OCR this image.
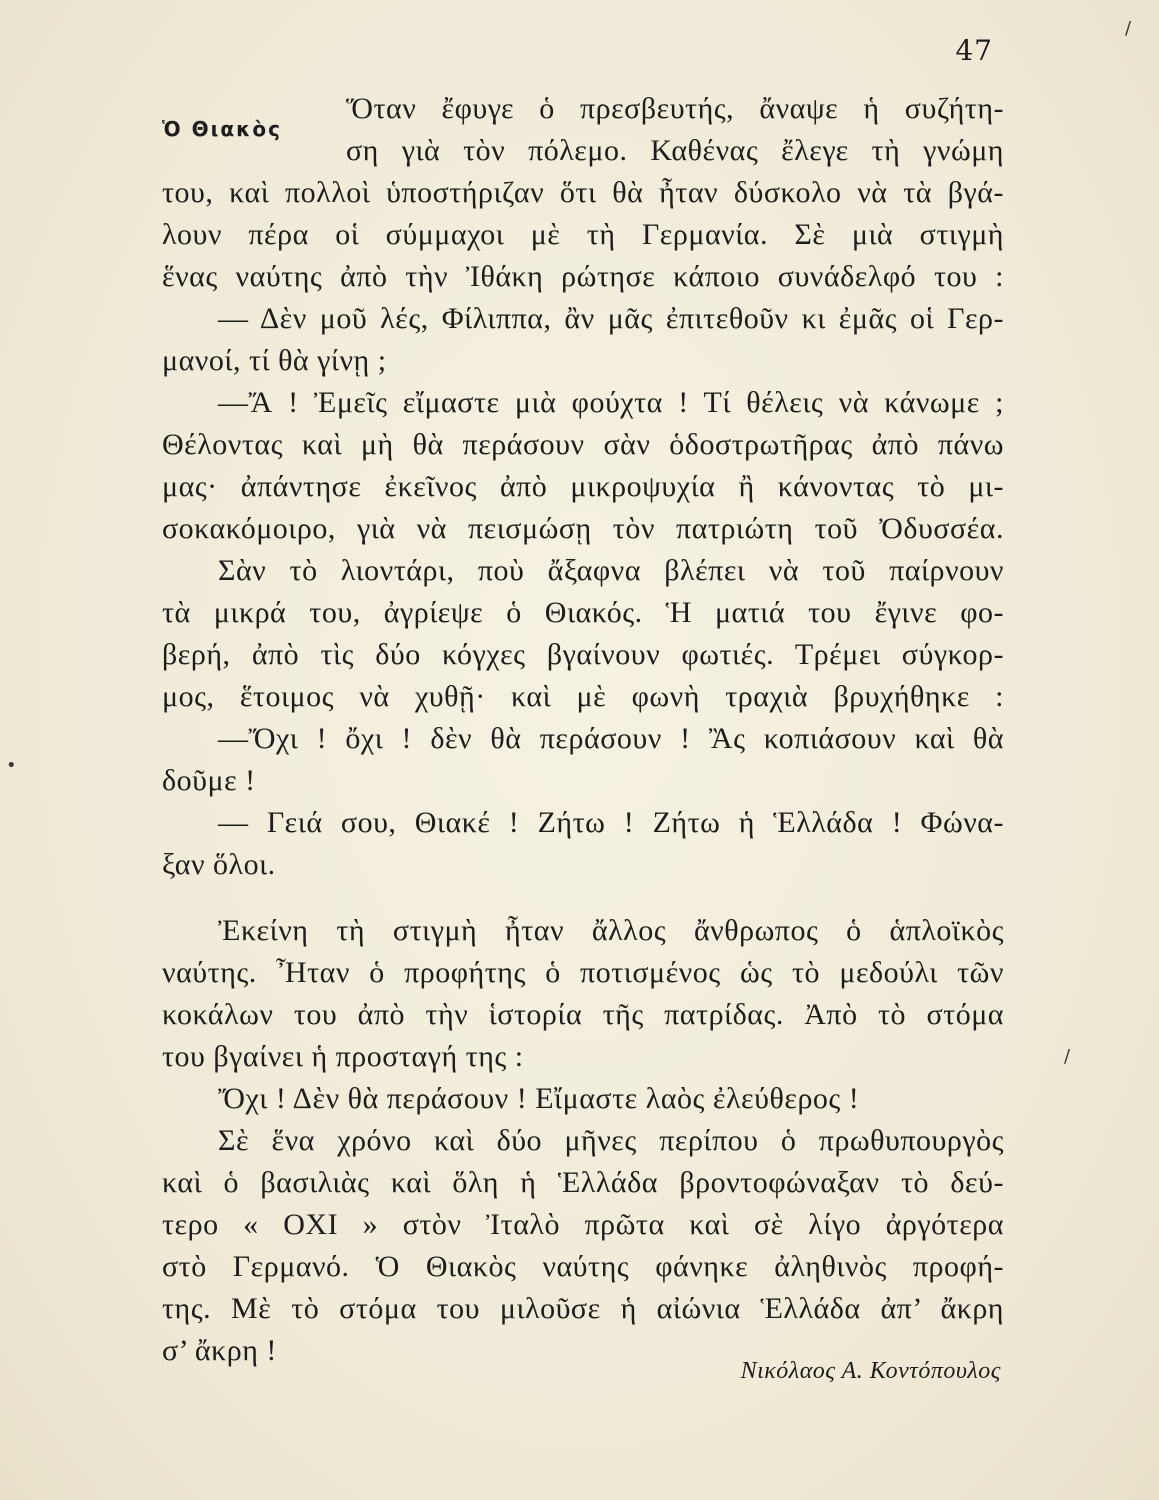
47
Ὁ Θιακὸς
Ὅταν ἔφυγε ὁ πρεσβευτής, ἄναψε ἡ συζήτη-
ση γιὰ τὸν πόλεμο. Καθένας ἔλεγε τὴ γνώμη
του, καὶ πολλοὶ ὑποστήριζαν ὅτι θὰ ἦταν δύσκολο νὰ τὰ βγά-
λουν πέρα οἱ σύμμαχοι μὲ τὴ Γερμανία. Σὲ μιὰ στιγμὴ
ἕνας ναύτης ἀπὸ τὴν Ἰθάκη ρώτησε κάποιο συνάδελφό του :
— Δὲν μοῦ λές, Φίλιππα, ἂν μᾶς ἐπιτεθοῦν κι ἐμᾶς οἱ Γερ-
μανοί, τί θὰ γίνῃ ;
—Ἄ ! Ἐμεῖς εἴμαστε μιὰ φούχτα ! Τί θέλεις νὰ κάνωμε ;
Θέλοντας καὶ μὴ θὰ περάσουν σὰν ὁδοστρωτῆρας ἀπὸ πάνω
μας· ἀπάντησε ἐκεῖνος ἀπὸ μικροψυχία ἢ κάνοντας τὸ μι-
σοκακόμοιρο, γιὰ νὰ πεισμώσῃ τὸν πατριώτη τοῦ Ὀδυσσέα.
Σὰν τὸ λιοντάρι, ποὺ ἄξαφνα βλέπει νὰ τοῦ παίρνουν
τὰ μικρά του, ἀγρίεψε ὁ Θιακός. Ἡ ματιά του ἔγινε φο-
βερή, ἀπὸ τὶς δύο κόγχες βγαίνουν φωτιές. Τρέμει σύγκορ-
μος, ἕτοιμος νὰ χυθῇ· καὶ μὲ φωνὴ τραχιὰ βρυχήθηκε :
—Ὄχι ! ὄχι ! δὲν θὰ περάσουν ! Ἂς κοπιάσουν καὶ θὰ
δοῦμε !
— Γειά σου, Θιακέ ! Ζήτω ! Ζήτω ἡ Ἑλλάδα ! Φώνα-
ξαν ὅλοι.
Ἐκείνη τὴ στιγμὴ ἦταν ἄλλος ἄνθρωπος ὁ ἁπλοϊκὸς
ναύτης. Ἦταν ὁ προφήτης ὁ ποτισμένος ὡς τὸ μεδούλι τῶν
κοκάλων του ἀπὸ τὴν ἱστορία τῆς πατρίδας. Ἀπὸ τὸ στόμα
του βγαίνει ἡ προσταγή της :
Ὄχι ! Δὲν θὰ περάσουν ! Εἴμαστε λαὸς ἐλεύθερος !
Σὲ ἕνα χρόνο καὶ δύο μῆνες περίπου ὁ πρωθυπουργὸς
καὶ ὁ βασιλιὰς καὶ ὅλη ἡ Ἑλλάδα βροντοφώναξαν τὸ δεύ-
τερο « ΟΧΙ » στὸν Ἰταλὸ πρῶτα καὶ σὲ λίγο ἀργότερα
στὸ Γερμανό. Ὁ Θιακὸς ναύτης φάνηκε ἀληθινὸς προφή-
της. Μὲ τὸ στόμα του μιλοῦσε ἡ αἰώνια Ἑλλάδα ἀπ’ ἄκρη
σ’ ἄκρη !
Νικόλαος Α. Κοντόπουλος
/
•
/
